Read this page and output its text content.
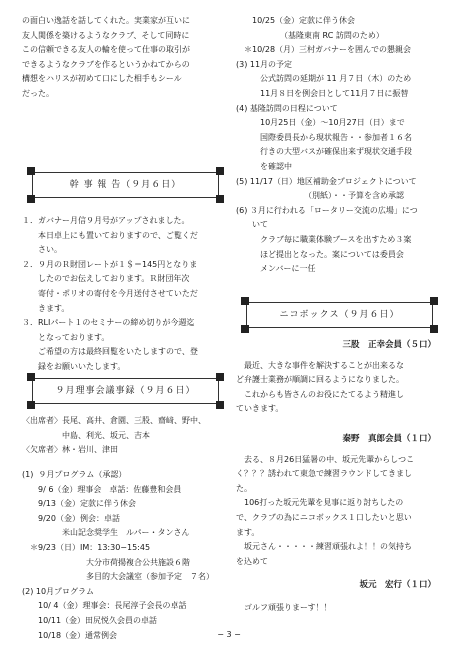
の面白い逸話を話してくれた。実業家が互いに
友人関係を築けるようなクラブ、そして同時に
この信頼できる友人の輪を使って仕事の取引が
できるようなクラブを作るというかねてからの
構想をハリスが初めて口にした相手もシール
だった。
幹 事 報 告（９月６日）
１．ガバナー月信９月号がアップされました。
　　本日卓上にも置いておりますので、ご覧くだ
　　さい。
２．９月のＲ財団レートが１＄＝145円となりま
　　したのでお伝えしております。Ｒ財団年次
　　寄付・ポリオの寄付を今月送付させていただ
　　きます。
３．RLIパート１のセミナーの締め切りが今週迄
　　となっております。
　　ご希望の方は最終回覧をいたしますので、登
　　録をお願いいたします。
９月理事会議事録（９月６日）
〈出席者〉長尾、高井、倉園、三股、齋﨑、野中、
　　　　　中島、利光、坂元、吉本
〈欠席者〉林・岩川、津田
(1)  ９月プログラム（承認）
　　9/ 6（金）理事会　卓話：佐藤豊和会員
　　9/13（金）定款に伴う休会
　　9/20（金）例会：卓話
　　　　　米山記念奨学生　ルパー・タンさん
　＊9/23（日）IM：13:30−15:45
　　　　　　　　大分市荷揚複合公共施設６階
　　　　　　　　多目的大会議室（参加予定　７名）
(2) 10月プログラム
　　10/ 4（金）理事会：長尾淳子会長の卓話
　　10/11（金）田尻悦久会員の卓話
　　10/18（金）通常例会
　　10/25（金）定款に伴う休会
　　　　　　（基隆東南 RC 訪問のため）
　＊10/28（月）三村ガバナーを囲んでの懇親会
(3) 11月の予定
　　　公式訪問の延期が 11 月７日（木）のため
　　　11月８日を例会日として11月７日に振替
(4) 基隆訪問の日程について
　　　10月25日（金）〜10月27日（日）まで
　　　国際委員長から現状報告・・参加者１６名
　　　行きの大型バスが確保出来ず現状交通手段
　　　を確認中
(5) 11/17（日）地区補助金プロジェクトについて
　　　　　　　　　（別紙）・・予算を含め承認
(6) ３月に行われる「ロータリー交流の広場」につ
　　いて
　　　クラブ毎に職業体験ブースを出すため３案
　　　ほど提出となった。案については委員会
　　　メンバーに一任
ニコボックス（９月６日）
三股　正幸会員（５口）
　最近、大きな事件を解決することが出来るな
ど弁護士業務が順調に回るようになりました。
　これからも皆さんのお役にたてるよう精進し
ていきます。
秦野　真郎会員（１口）
　去る、８月26日猛暑の中、坂元先輩からしつこ
く？？？誘われて東急で練習ラウンドしてきまし
た。
　106打った坂元先輩を見事に返り討ちしたの
で、クラブの為にニコボックス１口したいと思い
ます。
　坂元さん・・・・・練習頑張れよ！！の気持ち
を込めて
坂元　宏行（１口）
　ゴルフ頑張りまーす！！
− 3 −
